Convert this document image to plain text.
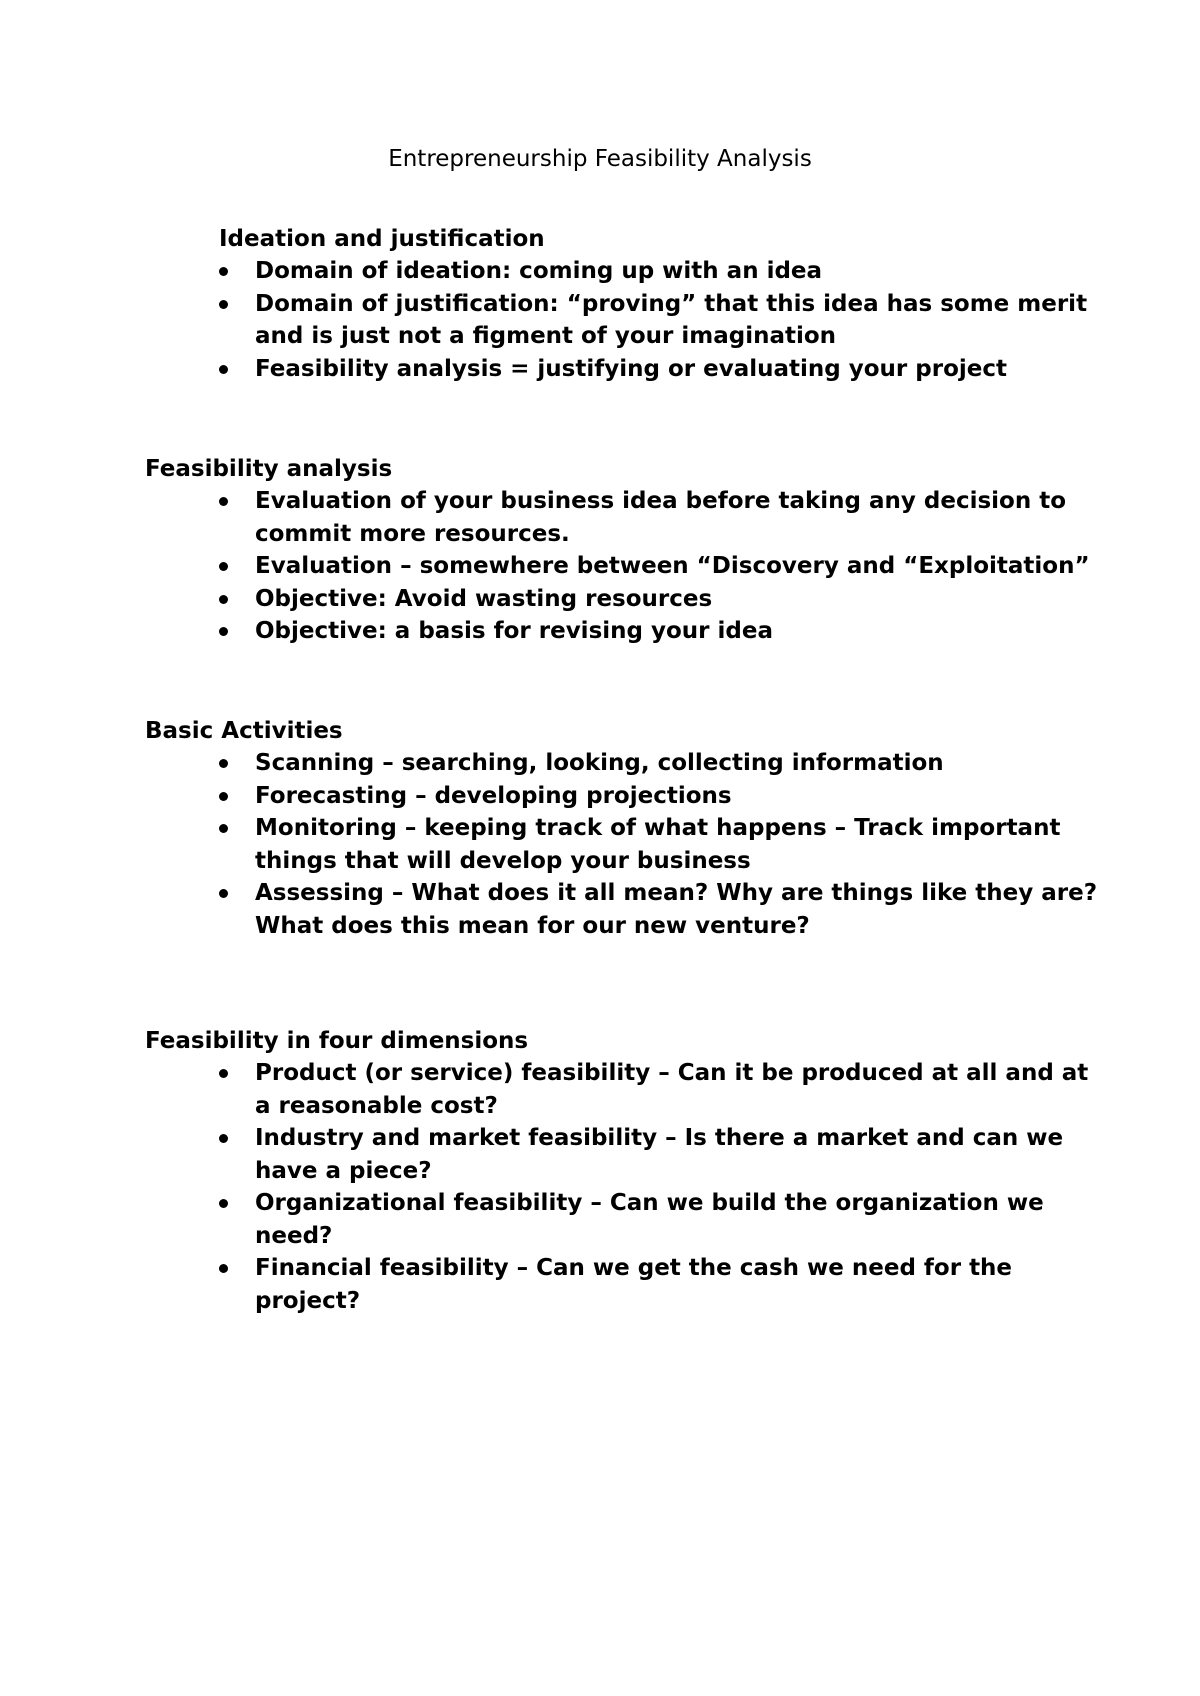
Entrepreneurship Feasibility Analysis

Ideation and justification

Domain of ideation: coming up with an idea
Domain of justification: “proving” that this idea has some merit and is just not a figment of your imagination
Feasibility analysis = justifying or evaluating your project

Feasibility analysis

Evaluation of your business idea before taking any decision to commit more resources.
Evaluation – somewhere between “Discovery and “Exploitation”
Objective: Avoid wasting resources
Objective: a basis for revising your idea

Basic Activities

Scanning – searching, looking, collecting information
Forecasting – developing projections
Monitoring – keeping track of what happens – Track important things that will develop your business
Assessing – What does it all mean? Why are things like they are? What does this mean for our new venture?

Feasibility in four dimensions

Product (or service) feasibility – Can it be produced at all and at a reasonable cost?
Industry and market feasibility – Is there a market and can we have a piece?
Organizational feasibility – Can we build the organization we need?
Financial feasibility – Can we get the cash we need for the project?
